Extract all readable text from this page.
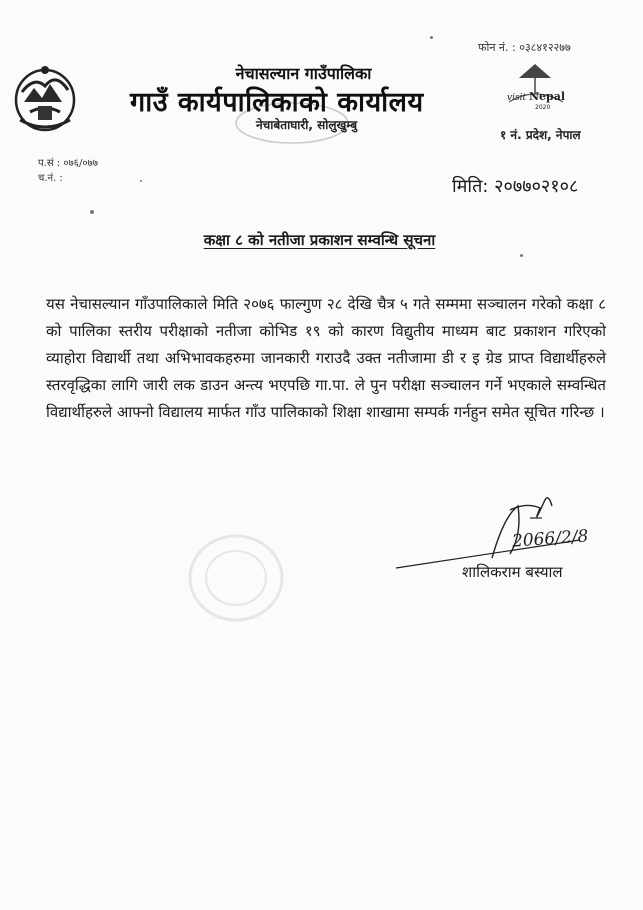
फोन नं. : ०३८४१२२७७
नेचासल्यान गाउँपालिका
गाउँ कार्यपालिकाको कार्यालय
नेचाबेताघारी, सोलुखुम्बु
visit Nepal
2020
१ नं. प्रदेश, नेपाल
प.सं : ०७६/०७७
च.नं. :	मिति: २०७७०२१०८
कक्षा ८ को नतीजा प्रकाशन सम्वन्धि सूचना
यस नेचासल्यान गाँउपालिकाले मिति २०७६ फाल्गुण २८ देखि चैत्र ५ गते सम्ममा सञ्चालन गरेको कक्षा ८ को पालिका स्तरीय परीक्षाको नतीजा कोभिड १९ को कारण विद्युतीय माध्यम बाट प्रकाशन गरिएको व्याहोरा विद्यार्थी तथा अभिभावकहरुमा जानकारी गराउदै उक्त नतीजामा डी र इ ग्रेड प्राप्त विद्यार्थीहरुले स्तरवृद्धिका लागि जारी लक डाउन अन्त्य भएपछि गा.पा. ले पुन परीक्षा सञ्चालन गर्ने भएकाले सम्वन्धित विद्यार्थीहरुले आफ्नो विद्यालय मार्फत गाँउ पालिकाको शिक्षा शाखामा सम्पर्क गर्नहुन समेत सूचित गरिन्छ ।
2066/2/8
शालिकराम बस्याल
